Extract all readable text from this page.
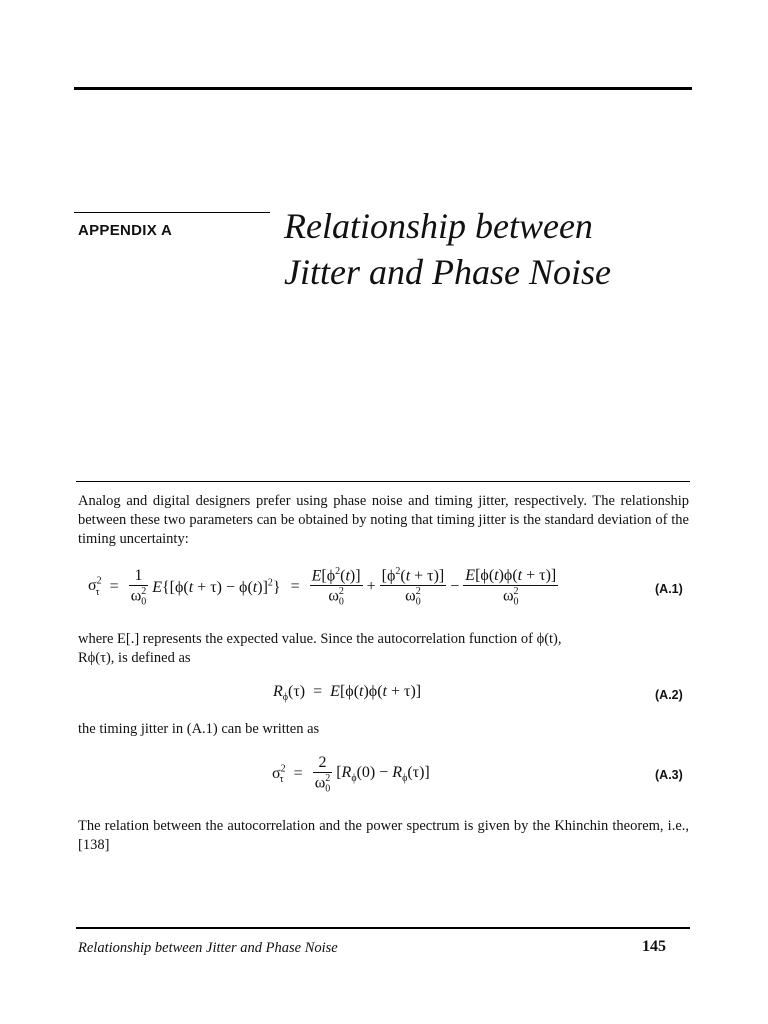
APPENDIX A	Relationship between
Jitter and Phase Noise
Analog and digital designers prefer using phase noise and timing jitter, respectively. The relationship between these two parameters can be obtained by noting that timing jitter is the standard deviation of the timing uncertainty:
$\sigma^2_\tau = \frac{1}{\omega_0^2} E\{[\phi(t + \tau) - \phi(t)]^2\} = \frac{E[\phi^2(t)]}{\omega_0^2} + \frac{[\phi^2(t + \tau)]}{\omega_0^2} - \frac{E[\phi(t)\phi(t + \tau)]}{\omega_0^2}$	(A.1)
where E[.] represents the expected value. Since the autocorrelation function of ϕ(t),
Rϕ(τ), is defined as
$R_\phi(\tau) = E[\phi(t)\phi(t + \tau)]$	(A.2)
the timing jitter in (A.1) can be written as
$\sigma^2_\tau = \frac{2}{\omega_0^2} [R_\phi(0) - R_\phi(\tau)]$	(A.3)
The relation between the autocorrelation and the power spectrum is given by the Khinchin theorem, i.e., [138]
Relationship between Jitter and Phase Noise	145
